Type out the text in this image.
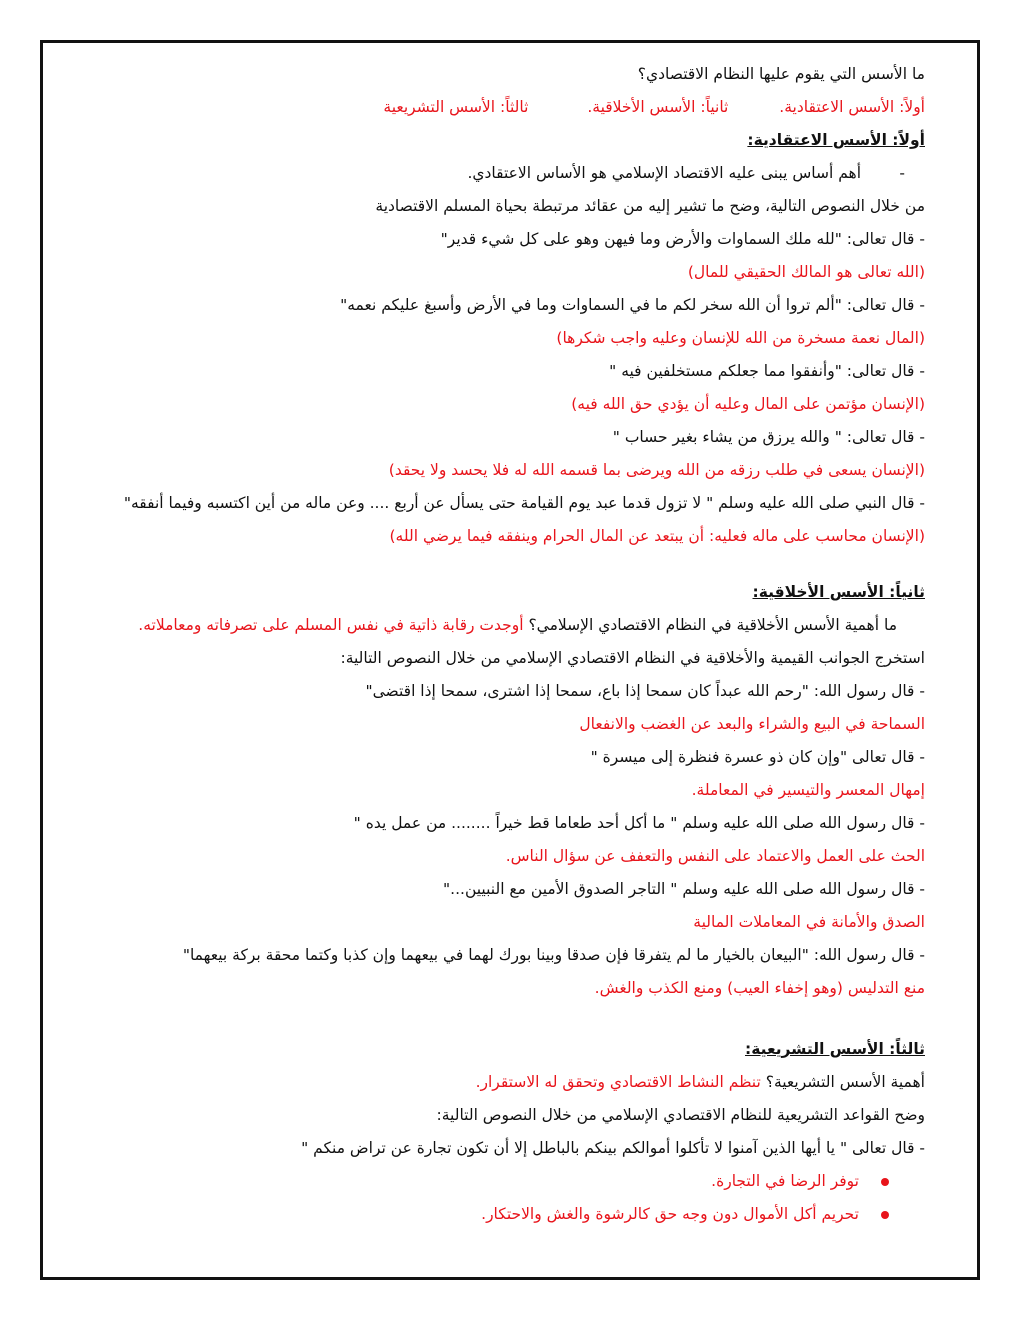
ما الأسس التي يقوم عليها النظام الاقتصادي؟
أولاً: الأسس الاعتقادية. ثانياً: الأسس الأخلاقية. ثالثاً: الأسس التشريعية
أولاً: الأسس الاعتقادية:
-أهم أساس يبنى عليه الاقتصاد الإسلامي هو الأساس الاعتقادي.
من خلال النصوص التالية، وضح ما تشير إليه من عقائد مرتبطة بحياة المسلم الاقتصادية
- قال تعالى: "لله ملك السماوات والأرض وما فيهن وهو على كل شيء قدير"
(الله تعالى هو المالك الحقيقي للمال)
- قال تعالى: "ألم تروا أن الله سخر لكم ما في السماوات وما في الأرض وأسبغ عليكم نعمه"
(المال نعمة مسخرة من الله للإنسان وعليه واجب شكرها)
- قال تعالى: "وأنفقوا مما جعلكم مستخلفين فيه "
(الإنسان مؤتمن على المال وعليه أن يؤدي حق الله فيه)
- قال تعالى: " والله يرزق من يشاء بغير حساب "
(الإنسان يسعى في طلب رزقه من الله ويرضى بما قسمه الله له فلا يحسد ولا يحقد)
- قال النبي صلى الله عليه وسلم " لا تزول قدما عبد يوم القيامة حتى يسأل عن أربع .... وعن ماله من أين اكتسبه وفيما أنفقه"
(الإنسان محاسب على ماله فعليه: أن يبتعد عن المال الحرام وينفقه فيما يرضي الله)
ثانياً: الأسس الأخلاقية:
ما أهمية الأسس الأخلاقية في النظام الاقتصادي الإسلامي؟ أوجدت رقابة ذاتية في نفس المسلم على تصرفاته ومعاملاته.
استخرج الجوانب القيمية والأخلاقية في النظام الاقتصادي الإسلامي من خلال النصوص التالية:
- قال رسول الله: "رحم الله عبداً كان سمحا إذا باع، سمحا إذا اشترى، سمحا إذا اقتضى"
السماحة في البيع والشراء والبعد عن الغضب والانفعال
- قال تعالى "وإن كان ذو عسرة فنظرة إلى ميسرة "
إمهال المعسر والتيسير في المعاملة.
- قال رسول الله صلى الله عليه وسلم " ما أكل أحد طعاما قط خيراً ........ من عمل يده "
الحث على العمل والاعتماد على النفس والتعفف عن سؤال الناس.
- قال رسول الله صلى الله عليه وسلم " التاجر الصدوق الأمين مع النبيين..."
الصدق والأمانة في المعاملات المالية
- قال رسول الله: "البيعان بالخيار ما لم يتفرقا فإن صدقا وبينا بورك لهما في بيعهما وإن كذبا وكتما محقة بركة بيعهما"
منع التدليس (وهو إخفاء العيب) ومنع الكذب والغش.
ثالثاً: الأسس التشريعية:
أهمية الأسس التشريعية؟ تنظم النشاط الاقتصادي وتحقق له الاستقرار.
وضح القواعد التشريعية للنظام الاقتصادي الإسلامي من خلال النصوص التالية:
- قال تعالى " يا أيها الذين آمنوا لا تأكلوا أموالكم بينكم بالباطل إلا أن تكون تجارة عن تراض منكم "
توفر الرضا في التجارة.
تحريم أكل الأموال دون وجه حق كالرشوة والغش والاحتكار.
